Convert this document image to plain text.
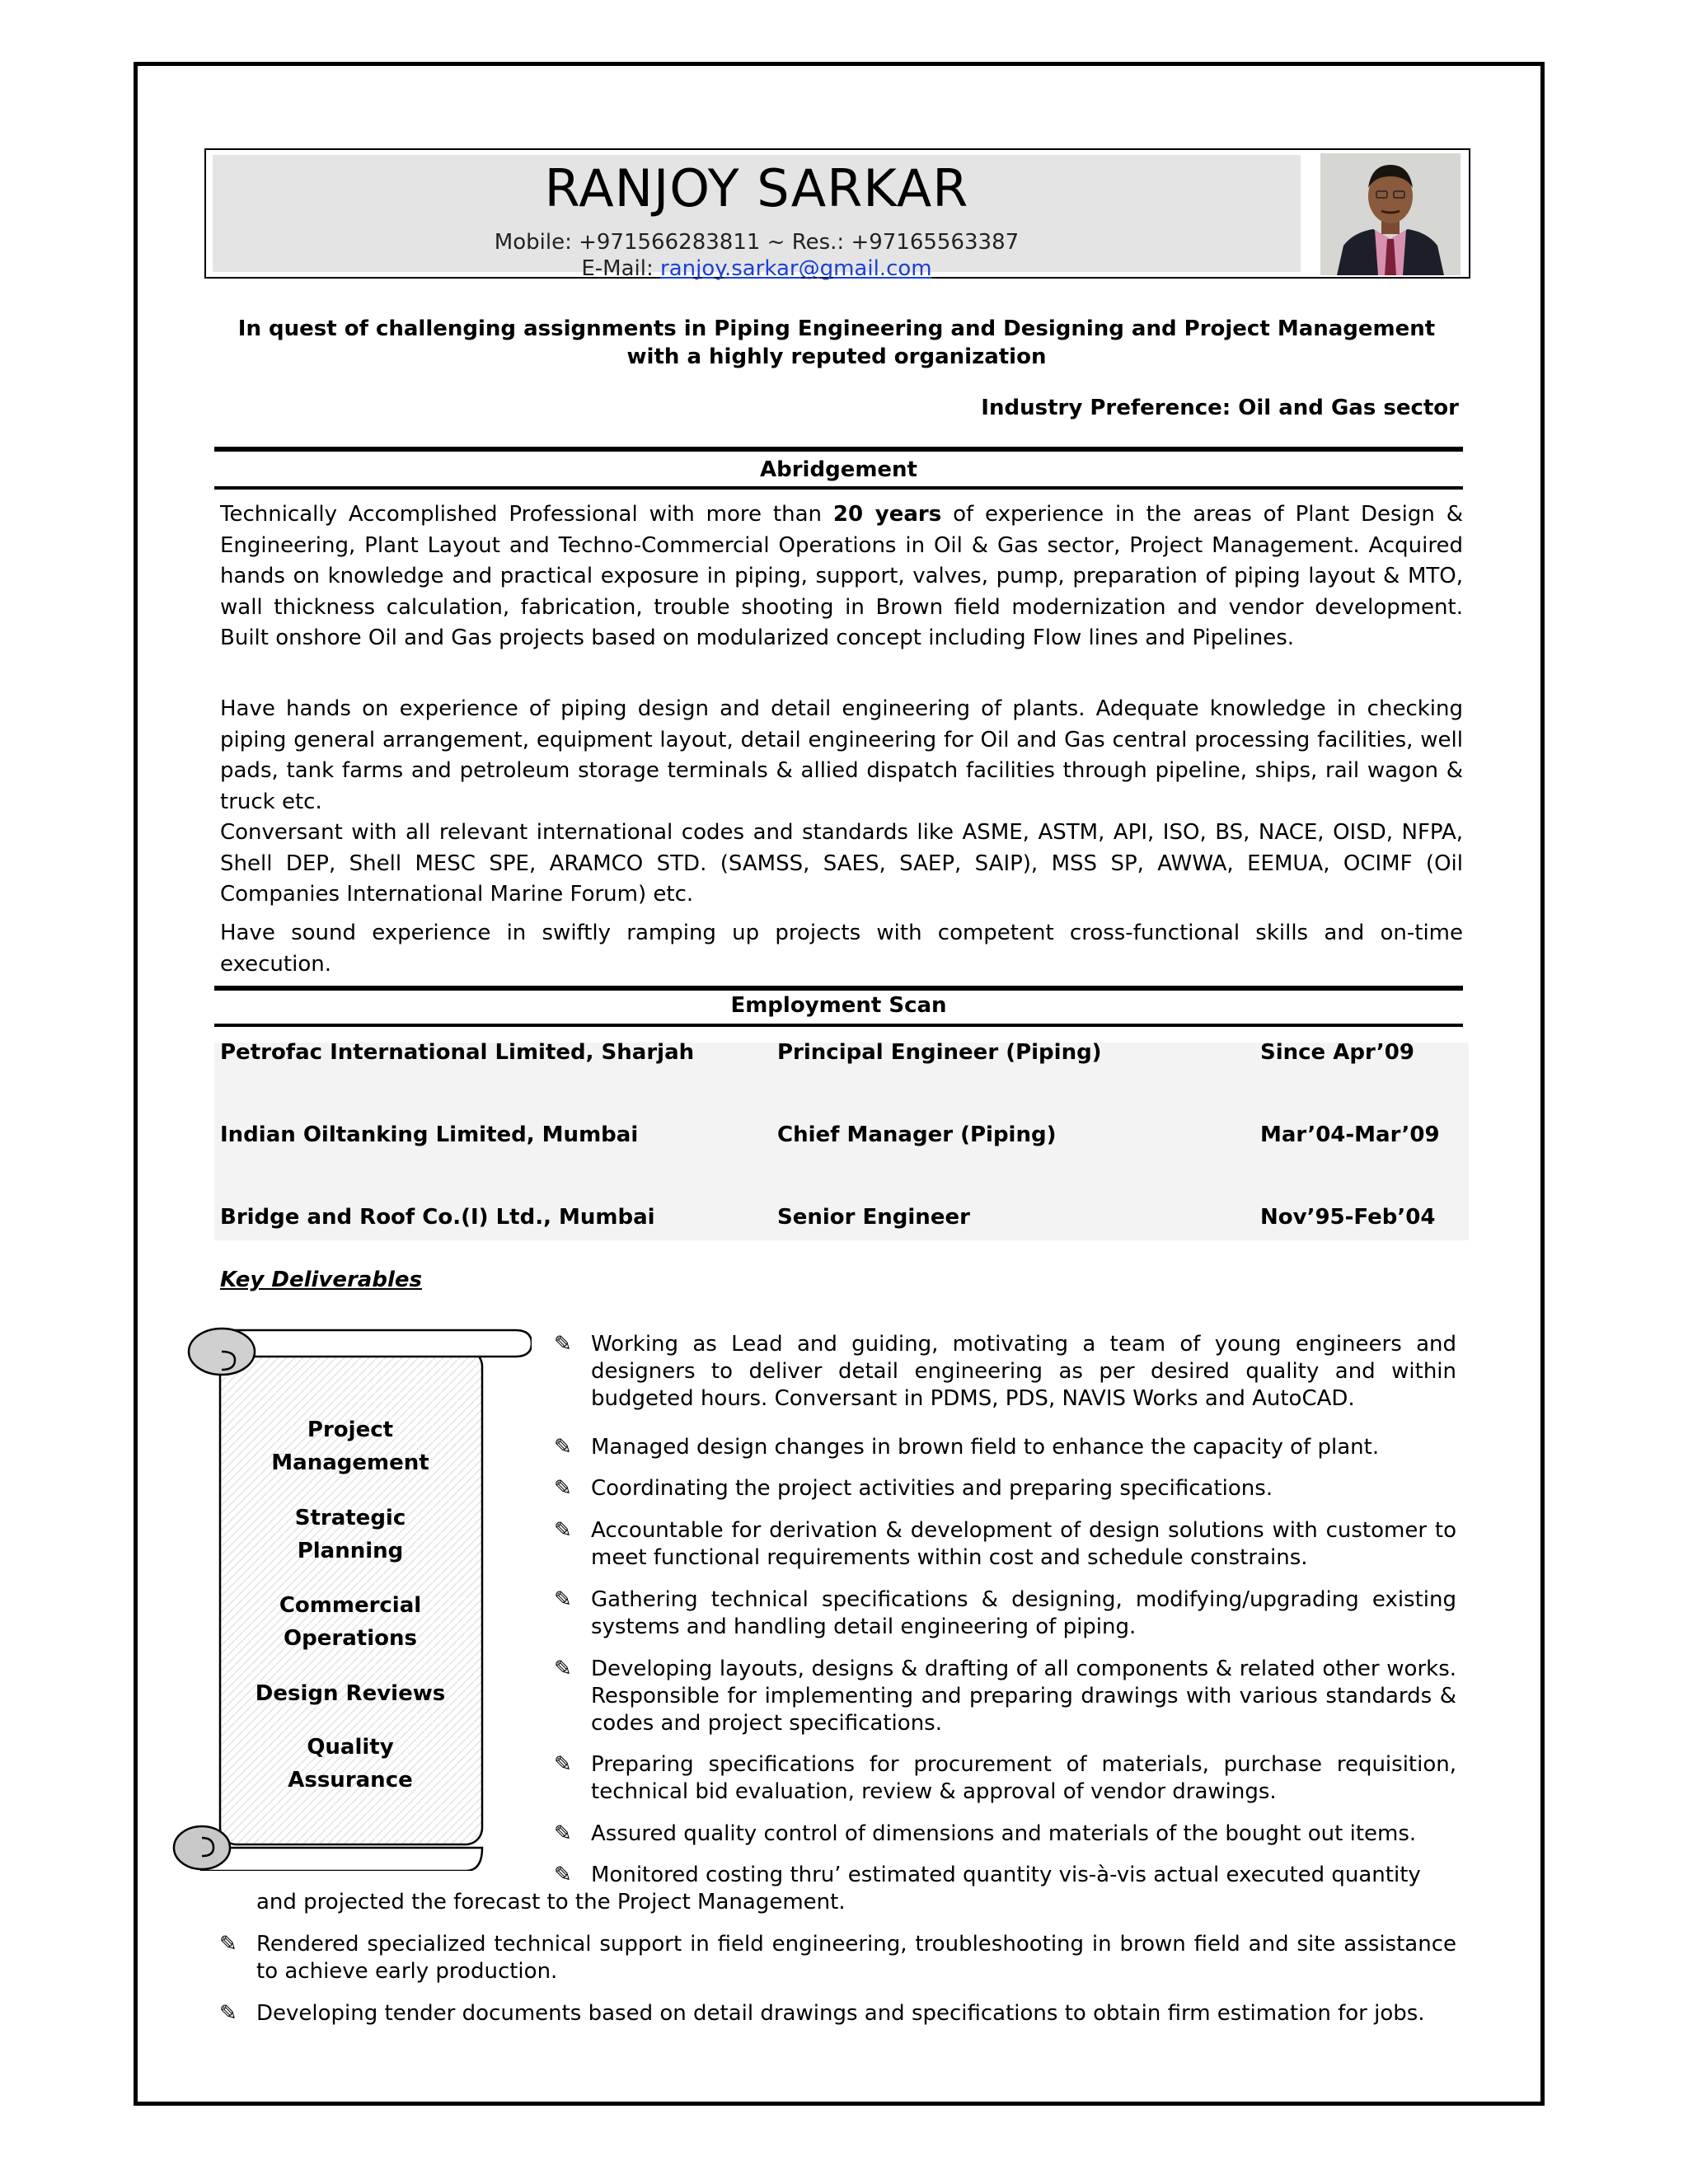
RANJOY SARKAR
Mobile: +971566283811 ~ Res.: +97165563387
E-Mail: ranjoy.sarkar@gmail.com
In quest of challenging assignments in Piping Engineering and Designing and Project Management
with a highly reputed organization
Industry Preference: Oil and Gas sector
Abridgement
Technically Accomplished Professional with more than 20 years of experience in the areas of Plant Design & Engineering, Plant Layout and Techno-Commercial Operations in Oil & Gas sector, Project Management. Acquired hands on knowledge and practical exposure in piping, support, valves, pump, preparation of piping layout & MTO, wall thickness calculation, fabrication, trouble shooting in Brown field modernization and vendor development. Built onshore Oil and Gas projects based on modularized concept including Flow lines and Pipelines.
Have hands on experience of piping design and detail engineering of plants. Adequate knowledge in checking piping general arrangement, equipment layout, detail engineering for Oil and Gas central processing facilities, well pads, tank farms and petroleum storage terminals & allied dispatch facilities through pipeline, ships, rail wagon & truck etc.
Conversant with all relevant international codes and standards like ASME, ASTM, API, ISO, BS, NACE, OISD, NFPA, Shell DEP, Shell MESC SPE, ARAMCO STD. (SAMSS, SAES, SAEP, SAIP), MSS SP, AWWA, EEMUA, OCIMF (Oil Companies International Marine Forum) etc.
Have sound experience in swiftly ramping up projects with competent cross-functional skills and on-time execution.
Employment Scan
Petrofac International Limited, Sharjah	Principal Engineer (Piping)	Since Apr’09
Indian Oiltanking Limited, Mumbai	Chief Manager (Piping)	Mar’04-Mar’09
Bridge and Roof Co.(I) Ltd., Mumbai	Senior Engineer	Nov’95-Feb’04
Key Deliverables
Project
Management
Strategic
Planning
Commercial
Operations
Design Reviews
Quality
Assurance
✎ Working as Lead and guiding, motivating a team of young engineers and designers to deliver detail engineering as per desired quality and within budgeted hours. Conversant in PDMS, PDS, NAVIS Works and AutoCAD.
✎ Managed design changes in brown field to enhance the capacity of plant.
✎ Coordinating the project activities and preparing specifications.
✎ Accountable for derivation & development of design solutions with customer to meet functional requirements within cost and schedule constrains.
✎ Gathering technical specifications & designing, modifying/upgrading existing systems and handling detail engineering of piping.
✎ Developing layouts, designs & drafting of all components & related other works. Responsible for implementing and preparing drawings with various standards & codes and project specifications.
✎ Preparing specifications for procurement of materials, purchase requisition, technical bid evaluation, review & approval of vendor drawings.
✎ Assured quality control of dimensions and materials of the bought out items.
✎ Monitored costing thru’ estimated quantity vis-à-vis actual executed quantity
and projected the forecast to the Project Management.
✎ Rendered specialized technical support in field engineering, troubleshooting in brown field and site assistance to achieve early production.
✎ Developing tender documents based on detail drawings and specifications to obtain firm estimation for jobs.
